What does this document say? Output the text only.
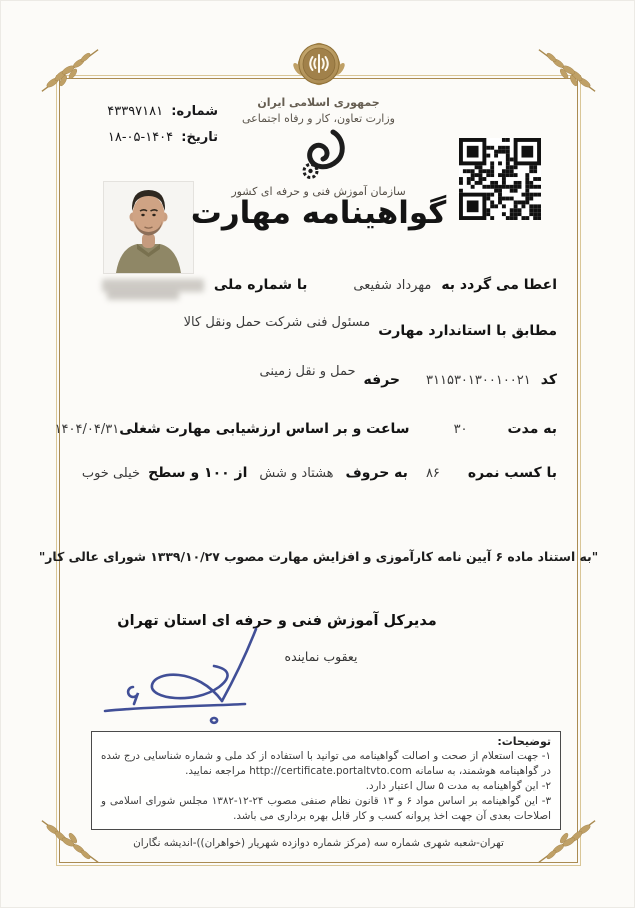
جمهوری اسلامی ایران
وزارت تعاون، کار و رفاه اجتماعی
سازمان آموزش فنی و حرفه ای کشور
شماره: ۴۳۳۹۷۱۸۱
تاریخ: ۱۴۰۴-۰۵-۱۸
گواهینامه مهارت
اعطا می گردد به
مهرداد شفیعی
با شماره ملی
مطابق با استاندارد مهارت
مسئول فنی شرکت حمل ونقل کالا
کد
۳۱۱۵۳۰۱۳۰۰۱۰۰۲۱
حرفه
حمل و نقل زمینی
به مدت
۳۰
ساعت و بر اساس ارزشیابی مهارت شغلی
۱۴۰۴/۰۴/۳۱
با کسب نمره
۸۶
به حروف
هشتاد و شش
از ۱۰۰ و سطح
خیلی خوب
"به استناد ماده ۶ آیین نامه کارآموزی و افزایش مهارت مصوب ۱۳۳۹/۱۰/۲۷ شورای عالی کار"
مدیرکل آموزش فنی و حرفه ای استان تهران
یعقوب نماینده
توضیحات:
۱- جهت استعلام از صحت و اصالت گواهینامه می توانید با استفاده از کد ملی و شماره شناسایی درج شده در گواهینامه هوشمند، به سامانه http://certificate.portaltvto.com مراجعه نمایید.
۲- این گواهینامه به مدت ۵ سال اعتبار دارد.
۳- این گواهینامه بر اساس مواد ۶ و ۱۳ قانون نظام صنفی مصوب ۲۴-۱۲-۱۳۸۲ مجلس شورای اسلامی و اصلاحات بعدی آن جهت اخذ پروانه کسب و کار قابل بهره برداری می باشد.
تهران-شعبه شهری شماره سه (مرکز شماره دوازده شهریار (خواهران))-اندیشه نگاران
